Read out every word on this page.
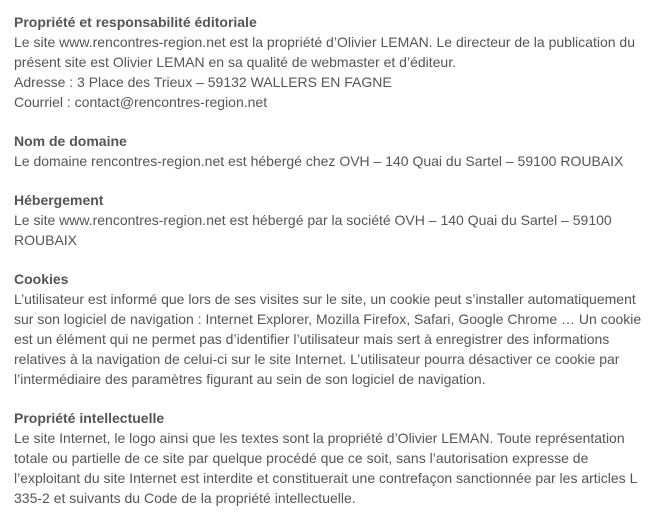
Propriété et responsabilité éditoriale

Le site www.rencontres-region.net est la propriété d’Olivier LEMAN. Le directeur de la publication du présent site est Olivier LEMAN en sa qualité de webmaster et d’éditeur.
Adresse : 3 Place des Trieux – 59132 WALLERS EN FAGNE
Courriel : contact@rencontres-region.net

Nom de domaine

Le domaine rencontres-region.net est hébergé chez OVH – 140 Quai du Sartel – 59100 ROUBAIX

Hébergement

Le site www.rencontres-region.net est hébergé par la société OVH – 140 Quai du Sartel – 59100 ROUBAIX

Cookies

L’utilisateur est informé que lors de ses visites sur le site, un cookie peut s’installer automatiquement sur son logiciel de navigation : Internet Explorer, Mozilla Firefox, Safari, Google Chrome … Un cookie est un élément qui ne permet pas d’identifier l’utilisateur mais sert à enregistrer des informations relatives à la navigation de celui-ci sur le site Internet. L’utilisateur pourra désactiver ce cookie par l’intermédiaire des paramètres figurant au sein de son logiciel de navigation.

Propriété intellectuelle

Le site Internet, le logo ainsi que les textes sont la propriété d’Olivier LEMAN. Toute représentation totale ou partielle de ce site par quelque procédé que ce soit, sans l’autorisation expresse de l’exploitant du site Internet est interdite et constituerait une contrefaçon sanctionnée par les articles L 335-2 et suivants du Code de la propriété intellectuelle.
